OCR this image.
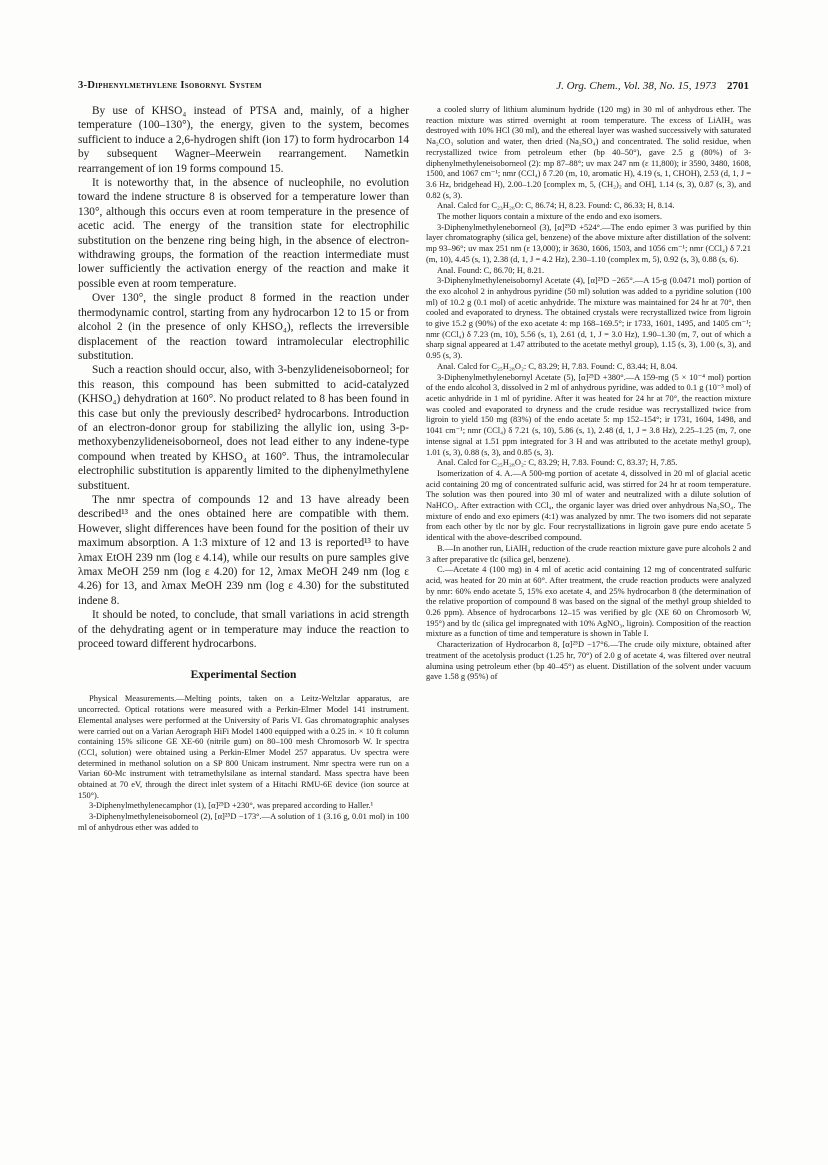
3-Diphenylmethylene Isobornyl System	J. Org. Chem., Vol. 38, No. 15, 1973 2701

By use of KHSO₄ instead of PTSA and, mainly, of a higher temperature (100–130°), the energy, given to the system, becomes sufficient to induce a 2,6-hydrogen shift (ion 17) to form hydrocarbon 14 by subsequent Wagner–Meerwein rearrangement. Nametkin rearrangement of ion 19 forms compound 15.

It is noteworthy that, in the absence of nucleophile, no evolution toward the indene structure 8 is observed for a temperature lower than 130°, although this occurs even at room temperature in the presence of acetic acid. The energy of the transition state for electrophilic substitution on the benzene ring being high, in the absence of electron-withdrawing groups, the formation of the reaction intermediate must lower sufficiently the activation energy of the reaction and make it possible even at room temperature.

Over 130°, the single product 8 formed in the reaction under thermodynamic control, starting from any hydrocarbon 12 to 15 or from alcohol 2 (in the presence of only KHSO₄), reflects the irreversible displacement of the reaction toward intramolecular electrophilic substitution.

Such a reaction should occur, also, with 3-benzylideneisoborneol; for this reason, this compound has been submitted to acid-catalyzed (KHSO₄) dehydration at 160°. No product related to 8 has been found in this case but only the previously described² hydrocarbons. Introduction of an electron-donor group for stabilizing the allylic ion, using 3-p-methoxybenzylideneisoborneol, does not lead either to any indene-type compound when treated by KHSO₄ at 160°. Thus, the intramolecular electrophilic substitution is apparently limited to the diphenylmethylene substituent.

The nmr spectra of compounds 12 and 13 have already been described¹³ and the ones obtained here are compatible with them. However, slight differences have been found for the position of their uv maximum absorption. A 1:3 mixture of 12 and 13 is reported¹³ to have λmax EtOH 239 nm (log ε 4.14), while our results on pure samples give λmax MeOH 259 nm (log ε 4.20) for 12, λmax MeOH 249 nm (log ε 4.26) for 13, and λmax MeOH 239 nm (log ε 4.30) for the substituted indene 8.

It should be noted, to conclude, that small variations in acid strength of the dehydrating agent or in temperature may induce the reaction to proceed toward different hydrocarbons.

Experimental Section

Physical Measurements.—Melting points, taken on a Leitz-Weltzlar apparatus, are uncorrected. Optical rotations were measured with a Perkin-Elmer Model 141 instrument. Elemental analyses were performed at the University of Paris VI. Gas chromatographic analyses were carried out on a Varian Aerograph HiFi Model 1400 equipped with a 0.25 in. × 10 ft column containing 15% silicone GE XE-60 (nitrile gum) on 80–100 mesh Chromosorb W. Ir spectra (CCl₄ solution) were obtained using a Perkin-Elmer Model 257 apparatus. Uv spectra were determined in methanol solution on a SP 800 Unicam instrument. Nmr spectra were run on a Varian 60-Mc instrument with tetramethylsilane as internal standard. Mass spectra have been obtained at 70 eV, through the direct inlet system of a Hitachi RMU-6E device (ion source at 150°).

3-Diphenylmethylenecamphor (1), [α]²⁵D +230°, was prepared according to Haller.¹

3-Diphenylmethyleneisoborneol (2), [α]²⁵D −173°.—A solution of 1 (3.16 g, 0.01 mol) in 100 ml of anhydrous ether was added to

a cooled slurry of lithium aluminum hydride (120 mg) in 30 ml of anhydrous ether. The reaction mixture was stirred overnight at room temperature. The excess of LiAlH₄ was destroyed with 10% HCl (30 ml), and the ethereal layer was washed successively with saturated Na₂CO₃ solution and water, then dried (Na₂SO₄) and concentrated. The solid residue, when recrystallized twice from petroleum ether (bp 40–50°), gave 2.5 g (80%) of 3-diphenylmethyleneisoborneol (2): mp 87–88°; uv max 247 nm (ε 11,800); ir 3590, 3480, 1608, 1500, and 1067 cm⁻¹; nmr (CCl₄) δ 7.20 (m, 10, aromatic H), 4.19 (s, 1, CHOH), 2.53 (d, 1, J = 3.6 Hz, bridgehead H), 2.00–1.20 [complex m, 5, (CH₂)₂ and OH], 1.14 (s, 3), 0.87 (s, 3), and 0.82 (s, 3).

Anal. Calcd for C₂₃H₂₆O: C, 86.74; H, 8.23. Found: C, 86.33; H, 8.14.

The mother liquors contain a mixture of the endo and exo isomers.

3-Diphenylmethyleneborneol (3), [α]²⁵D +524°.—The endo epimer 3 was purified by thin layer chromatography (silica gel, benzene) of the above mixture after distillation of the solvent: mp 93–96°; uv max 251 nm (ε 13,000); ir 3630, 1606, 1503, and 1056 cm⁻¹; nmr (CCl₄) δ 7.21 (m, 10), 4.45 (s, 1), 2.38 (d, 1, J = 4.2 Hz), 2.30–1.10 (complex m, 5), 0.92 (s, 3), 0.88 (s, 6).

Anal. Found: C, 86.70; H, 8.21.

3-Diphenylmethyleneisobornyl Acetate (4), [α]²⁵D −265°.—A 15-g (0.0471 mol) portion of the exo alcohol 2 in anhydrous pyridine (50 ml) solution was added to a pyridine solution (100 ml) of 10.2 g (0.1 mol) of acetic anhydride. The mixture was maintained for 24 hr at 70°, then cooled and evaporated to dryness. The obtained crystals were recrystallized twice from ligroin to give 15.2 g (90%) of the exo acetate 4: mp 168–169.5°; ir 1733, 1601, 1495, and 1405 cm⁻¹; nmr (CCl₄) δ 7.23 (m, 10), 5.56 (s, 1), 2.61 (d, 1, J = 3.0 Hz), 1.90–1.30 (m, 7, out of which a sharp signal appeared at 1.47 attributed to the acetate methyl group), 1.15 (s, 3), 1.00 (s, 3), and 0.95 (s, 3).

Anal. Calcd for C₂₅H₂₈O₂: C, 83.29; H, 7.83. Found: C, 83.44; H, 8.04.

3-Diphenylmethylenebornyl Acetate (5), [α]²⁵D +380°.—A 159-mg (5 × 10⁻⁴ mol) portion of the endo alcohol 3, dissolved in 2 ml of anhydrous pyridine, was added to 0.1 g (10⁻³ mol) of acetic anhydride in 1 ml of pyridine. After it was heated for 24 hr at 70°, the reaction mixture was cooled and evaporated to dryness and the crude residue was recrystallized twice from ligroin to yield 150 mg (83%) of the endo acetate 5: mp 152–154°; ir 1731, 1604, 1498, and 1041 cm⁻¹; nmr (CCl₄) δ 7.21 (s, 10), 5.86 (s, 1), 2.48 (d, 1, J = 3.8 Hz), 2.25–1.25 (m, 7, one intense signal at 1.51 ppm integrated for 3 H and was attributed to the acetate methyl group), 1.01 (s, 3), 0.88 (s, 3), and 0.85 (s, 3).

Anal. Calcd for C₂₅H₂₈O₂: C, 83.29; H, 7.83. Found: C, 83.37; H, 7.85.

Isomerization of 4. A.—A 500-mg portion of acetate 4, dissolved in 20 ml of glacial acetic acid containing 20 mg of concentrated sulfuric acid, was stirred for 24 hr at room temperature. The solution was then poured into 30 ml of water and neutralized with a dilute solution of NaHCO₃. After extraction with CCl₄, the organic layer was dried over anhydrous Na₂SO₄. The mixture of endo and exo epimers (4:1) was analyzed by nmr. The two isomers did not separate from each other by tlc nor by glc. Four recrystallizations in ligroin gave pure endo acetate 5 identical with the above-described compound.

B.—In another run, LiAlH₄ reduction of the crude reaction mixture gave pure alcohols 2 and 3 after preparative tlc (silica gel, benzene).

C.—Acetate 4 (100 mg) in 4 ml of acetic acid containing 12 mg of concentrated sulfuric acid, was heated for 20 min at 60°. After treatment, the crude reaction products were analyzed by nmr: 60% endo acetate 5, 15% exo acetate 4, and 25% hydrocarbon 8 (the determination of the relative proportion of compound 8 was based on the signal of the methyl group shielded to 0.26 ppm). Absence of hydrocarbons 12–15 was verified by glc (XE 60 on Chromosorb W, 195°) and by tlc (silica gel impregnated with 10% AgNO₃, ligroin). Composition of the reaction mixture as a function of time and temperature is shown in Table I.

Characterization of Hydrocarbon 8, [α]²⁵D −17°6.—The crude oily mixture, obtained after treatment of the acetolysis product (1.25 hr, 70°) of 2.0 g of acetate 4, was filtered over neutral alumina using petroleum ether (bp 40–45°) as eluent. Distillation of the solvent under vacuum gave 1.58 g (95%) of
